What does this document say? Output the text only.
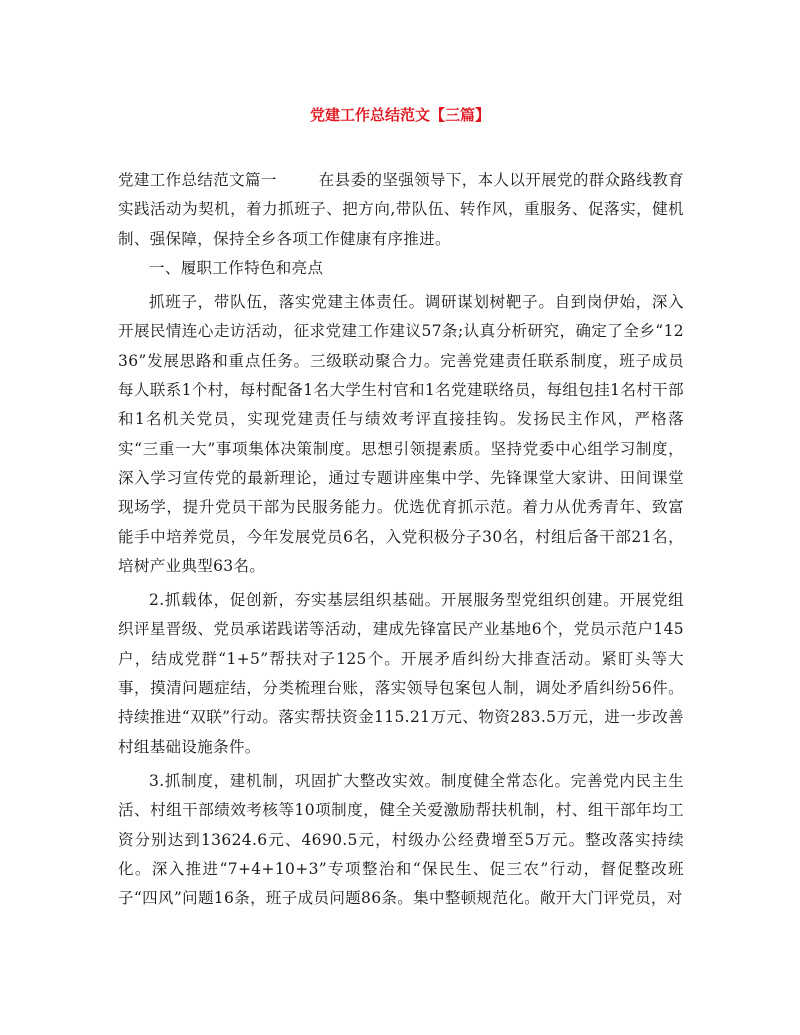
党建工作总结范文【三篇】

党建工作总结范文篇一	在县委的坚强领导下，本人以开展党的群众路线教育实践活动为契机，着力抓班子、把方向,带队伍、转作风，重服务、促落实，健机制、强保障，保持全乡各项工作健康有序推进。

一、履职工作特色和亮点

抓班子，带队伍，落实党建主体责任。调研谋划树靶子。自到岗伊始，深入开展民情连心走访活动，征求党建工作建议57条;认真分析研究，确定了全乡“1236”发展思路和重点任务。三级联动聚合力。完善党建责任联系制度，班子成员每人联系1个村，每村配备1名大学生村官和1名党建联络员，每组包挂1名村干部和1名机关党员，实现党建责任与绩效考评直接挂钩。发扬民主作风，严格落实“三重一大”事项集体决策制度。思想引领提素质。坚持党委中心组学习制度，深入学习宣传党的最新理论，通过专题讲座集中学、先锋课堂大家讲、田间课堂现场学，提升党员干部为民服务能力。优选优育抓示范。着力从优秀青年、致富能手中培养党员，今年发展党员6名，入党积极分子30名，村组后备干部21名，培树产业典型63名。

2.抓载体，促创新，夯实基层组织基础。开展服务型党组织创建。开展党组织评星晋级、党员承诺践诺等活动，建成先锋富民产业基地6个，党员示范户145户，结成党群“1+5”帮扶对子125个。开展矛盾纠纷大排查活动。紧盯头等大事，摸清问题症结，分类梳理台账，落实领导包案包人制，调处矛盾纠纷56件。持续推进“双联”行动。落实帮扶资金115.21万元、物资283.5万元，进一步改善村组基础设施条件。

3.抓制度，建机制，巩固扩大整改实效。制度健全常态化。完善党内民主生活、村组干部绩效考核等10项制度，健全关爱激励帮扶机制，村、组干部年均工资分别达到13624.6元、4690.5元，村级办公经费增至5万元。整改落实持续化。深入推进“7+4+10+3”专项整治和“保民生、促三农”行动，督促整改班子“四风”问题16条，班子成员问题86条。集中整顿规范化。敞开大门评党员，对
